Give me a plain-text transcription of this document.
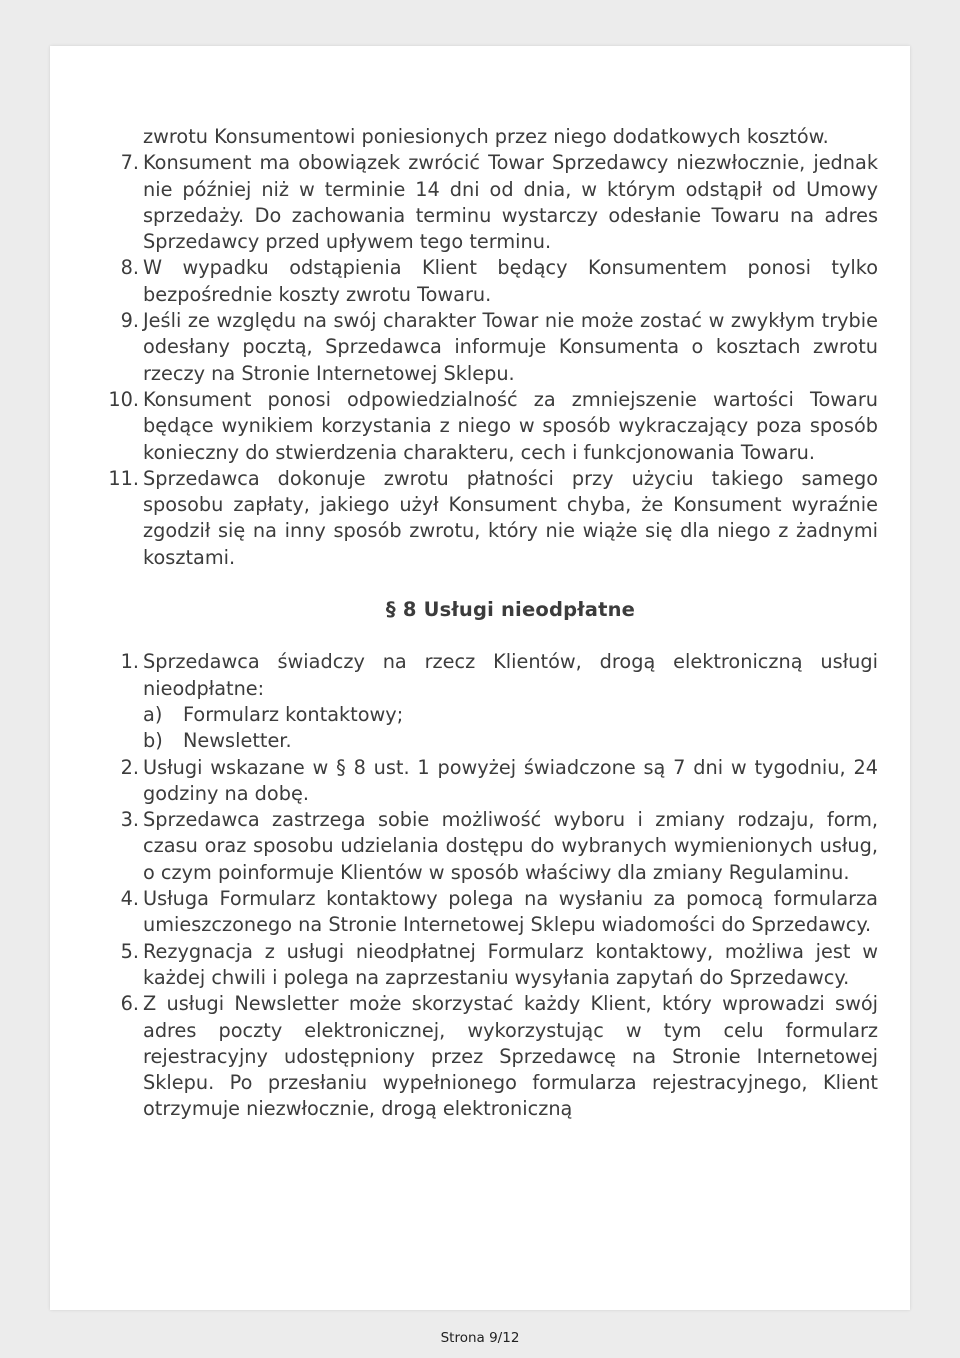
zwrotu Konsumentowi poniesionych przez niego dodatkowych kosztów.
7. Konsument ma obowiązek zwrócić Towar Sprzedawcy niezwłocznie, jednak nie później niż w terminie 14 dni od dnia, w którym odstąpił od Umowy sprzedaży. Do zachowania terminu wystarczy odesłanie Towaru na adres Sprzedawcy przed upływem tego terminu.
8. W wypadku odstąpienia Klient będący Konsumentem ponosi tylko bezpośrednie koszty zwrotu Towaru.
9. Jeśli ze względu na swój charakter Towar nie może zostać w zwykłym trybie odesłany pocztą, Sprzedawca informuje Konsumenta o kosztach zwrotu rzeczy na Stronie Internetowej Sklepu.
10. Konsument ponosi odpowiedzialność za zmniejszenie wartości Towaru będące wynikiem korzystania z niego w sposób wykraczający poza sposób konieczny do stwierdzenia charakteru, cech i funkcjonowania Towaru.
11. Sprzedawca dokonuje zwrotu płatności przy użyciu takiego samego sposobu zapłaty, jakiego użył Konsument chyba, że Konsument wyraźnie zgodził się na inny sposób zwrotu, który nie wiąże się dla niego z żadnymi kosztami.
§ 8 Usługi nieodpłatne
1. Sprzedawca świadczy na rzecz Klientów, drogą elektroniczną usługi nieodpłatne:
a) Formularz kontaktowy;
b) Newsletter.
2. Usługi wskazane w § 8 ust. 1 powyżej świadczone są 7 dni w tygodniu, 24 godziny na dobę.
3. Sprzedawca zastrzega sobie możliwość wyboru i zmiany rodzaju, form, czasu oraz sposobu udzielania dostępu do wybranych wymienionych usług, o czym poinformuje Klientów w sposób właściwy dla zmiany Regulaminu.
4. Usługa Formularz kontaktowy polega na wysłaniu za pomocą formularza umieszczonego na Stronie Internetowej Sklepu wiadomości do Sprzedawcy.
5. Rezygnacja z usługi nieodpłatnej Formularz kontaktowy, możliwa jest w każdej chwili i polega na zaprzestaniu wysyłania zapytań do Sprzedawcy.
6. Z usługi Newsletter może skorzystać każdy Klient, który wprowadzi swój adres poczty elektronicznej, wykorzystując w tym celu formularz rejestracyjny udostępniony przez Sprzedawcę na Stronie Internetowej Sklepu. Po przesłaniu wypełnionego formularza rejestracyjnego, Klient otrzymuje niezwłocznie, drogą elektroniczną
Strona 9/12
